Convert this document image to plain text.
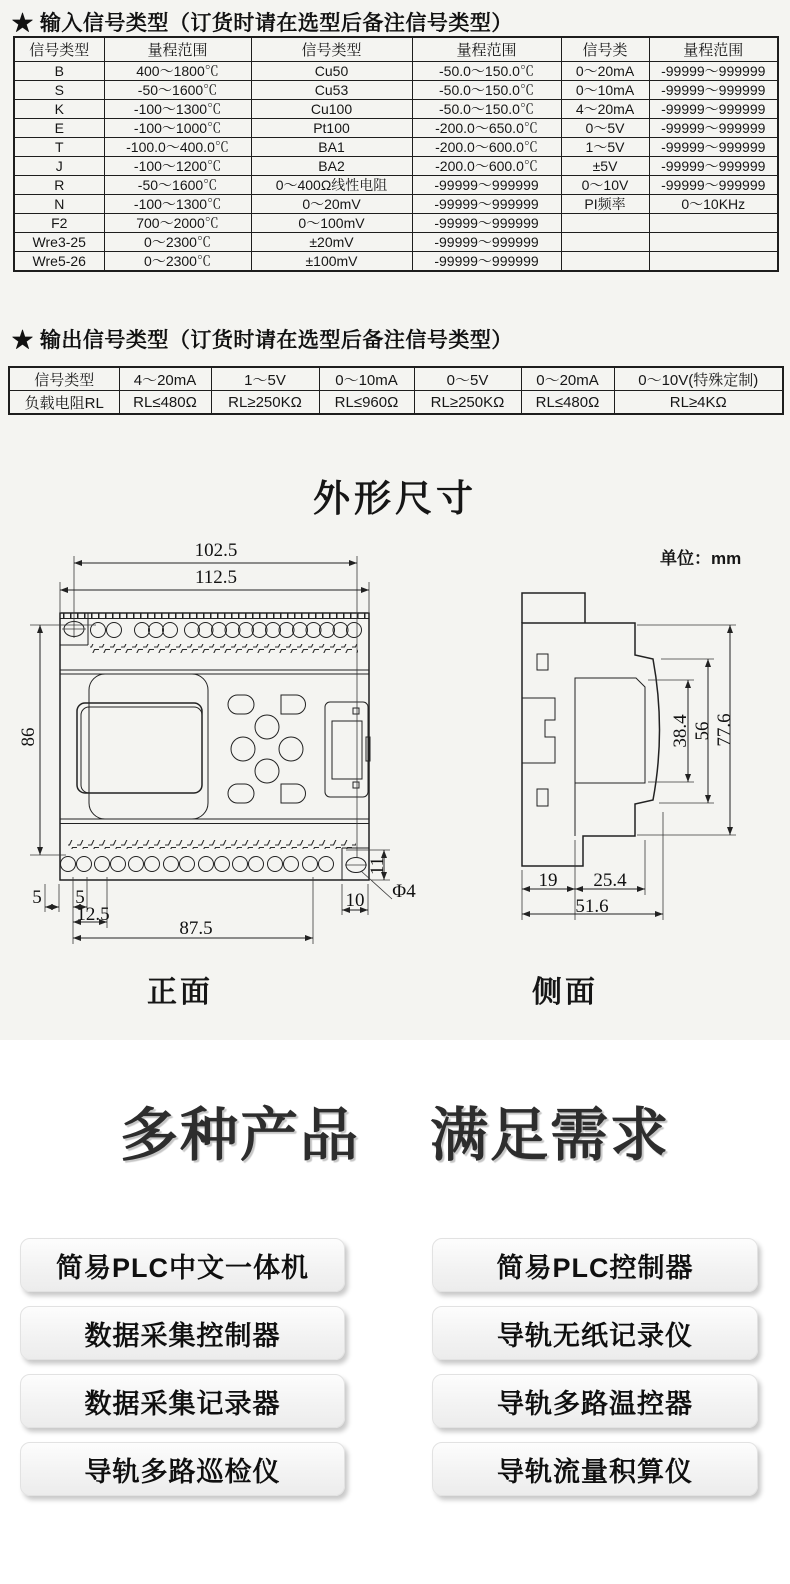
★ 输入信号类型（订货时请在选型后备注信号类型）
信号类型	量程范围	信号类型	量程范围	信号类	量程范围
B	400～1800℃	Cu50	-50.0～150.0℃	0～20mA	-99999～999999
S	-50～1600℃	Cu53	-50.0～150.0℃	0～10mA	-99999～999999
K	-100～1300℃	Cu100	-50.0～150.0℃	4～20mA	-99999～999999
E	-100～1000℃	Pt100	-200.0～650.0℃	0～5V	-99999～999999
T	-100.0～400.0℃	BA1	-200.0～600.0℃	1～5V	-99999～999999
J	-100～1200℃	BA2	-200.0～600.0℃	±5V	-99999～999999
R	-50～1600℃	0～400Ω线性电阻	-99999～999999	0～10V	-99999～999999
N	-100～1300℃	0～20mV	-99999～999999	PI频率	0～10KHz
F2	700～2000℃	0～100mV	-99999～999999		
Wre3-25	0～2300℃	±20mV	-99999～999999		
Wre5-26	0～2300℃	±100mV	-99999～999999		
★ 输出信号类型（订货时请在选型后备注信号类型）
信号类型	4～20mA	1～5V	0～10mA	0～5V	0～20mA	0～10V(特殊定制)
负载电阻RL	RL≤480Ω	RL≥250KΩ	RL≤960Ω	RL≥250KΩ	RL≤480Ω	RL≥4KΩ
外形尺寸
单位：mm
102.5
112.5
86
5 5
12.5
87.5
10
11
Φ4
38.4 56 77.6
19 25.4
51.6
正面	侧面
多种产品 满足需求
简易PLC中文一体机	简易PLC控制器
数据采集控制器	导轨无纸记录仪
数据采集记录器	导轨多路温控器
导轨多路巡检仪	导轨流量积算仪
